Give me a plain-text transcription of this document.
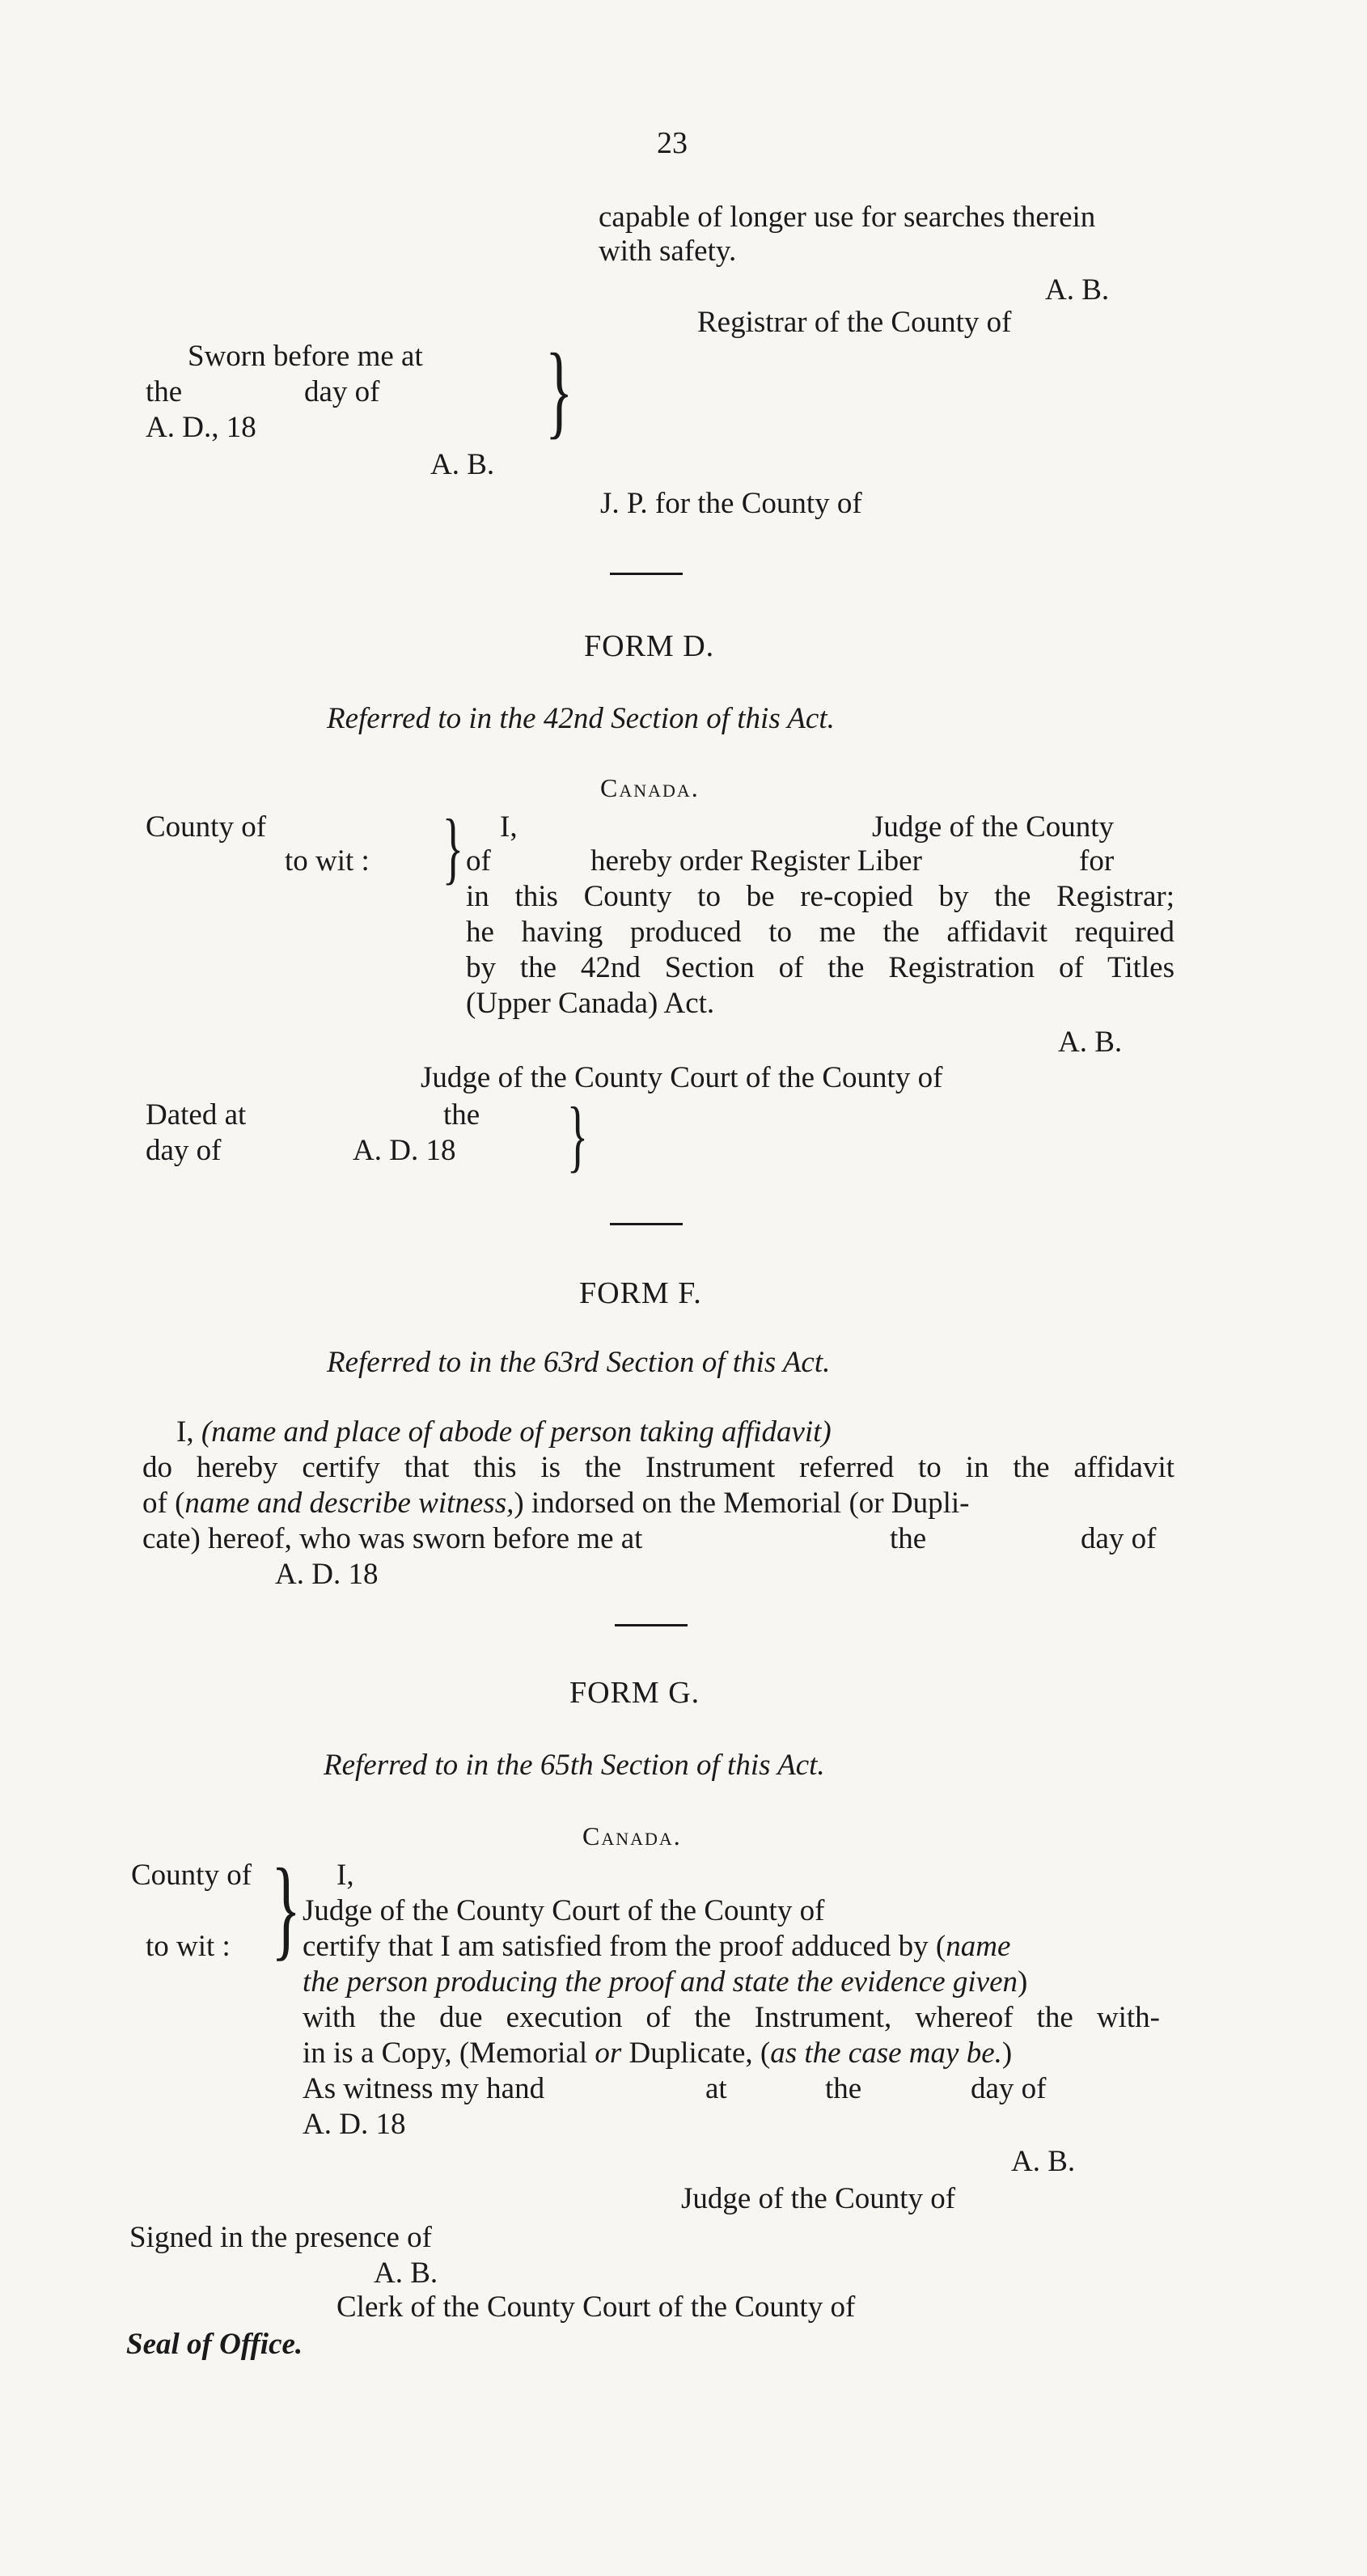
23
capable of longer use for searches therein
with safety.
A. B.
Registrar of the County of
Sworn before me at
the	day of
A. D., 18	}
A. B.
J. P. for the County of
FORM D.
Referred to in the 42nd Section of this Act.
Canada.
County of
to wit : } I,	Judge of the County
of	hereby order Register Liber	for
in this County to be re-copied by the Registrar;
he having produced to me the affidavit required
by the 42nd Section of the Registration of Titles
(Upper Canada) Act.
A. B.
Judge of the County Court of the County of
Dated at	the
day of	A. D. 18 }
FORM F.
Referred to in the 63rd Section of this Act.
I, (name and place of abode of person taking affidavit)
do hereby certify that this is the Instrument referred to in the affidavit
of (name and describe witness,) indorsed on the Memorial (or Dupli-
cate) hereof, who was sworn before me at	the	day of
A. D. 18
FORM G.
Referred to in the 65th Section of this Act.
Canada.
County of
to wit : } I,
Judge of the County Court of the County of
certify that I am satisfied from the proof adduced by (name
the person producing the proof and state the evidence given)
with the due execution of the Instrument, whereof the with-
in is a Copy, (Memorial or Duplicate, (as the case may be.)
As witness my hand	at	the	day of
A. D. 18
A. B.
Judge of the County of
Signed in the presence of
A. B.
Clerk of the County Court of the County of
Seal of Office.
